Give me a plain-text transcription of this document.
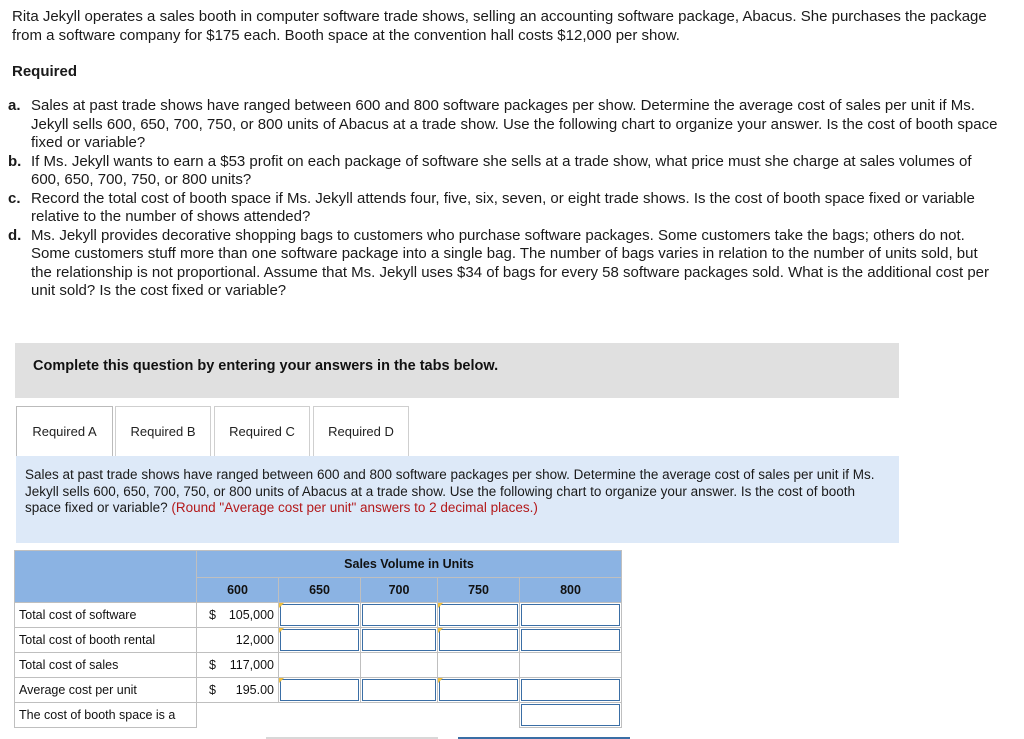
Rita Jekyll operates a sales booth in computer software trade shows, selling an accounting software package, Abacus. She purchases the package from a software company for $175 each. Booth space at the convention hall costs $12,000 per show.
Required
a. Sales at past trade shows have ranged between 600 and 800 software packages per show. Determine the average cost of sales per unit if Ms. Jekyll sells 600, 650, 700, 750, or 800 units of Abacus at a trade show. Use the following chart to organize your answer. Is the cost of booth space fixed or variable?
b. If Ms. Jekyll wants to earn a $53 profit on each package of software she sells at a trade show, what price must she charge at sales volumes of 600, 650, 700, 750, or 800 units?
c. Record the total cost of booth space if Ms. Jekyll attends four, five, six, seven, or eight trade shows. Is the cost of booth space fixed or variable relative to the number of shows attended?
d. Ms. Jekyll provides decorative shopping bags to customers who purchase software packages. Some customers take the bags; others do not. Some customers stuff more than one software package into a single bag. The number of bags varies in relation to the number of units sold, but the relationship is not proportional. Assume that Ms. Jekyll uses $34 of bags for every 58 software packages sold. What is the additional cost per unit sold? Is the cost fixed or variable?
Complete this question by entering your answers in the tabs below.
Required A	Required B	Required C	Required D
Sales at past trade shows have ranged between 600 and 800 software packages per show. Determine the average cost of sales per unit if Ms. Jekyll sells 600, 650, 700, 750, or 800 units of Abacus at a trade show. Use the following chart to organize your answer. Is the cost of booth space fixed or variable? (Round "Average cost per unit" answers to 2 decimal places.)
	Sales Volume in Units				
	600	650	700	750	800
Total cost of software	$ 105,000	

Total cost of booth rental	12,000	

Total cost of sales	$ 117,000				
Average cost per unit	$ 195.00	

The cost of booth space is a					
